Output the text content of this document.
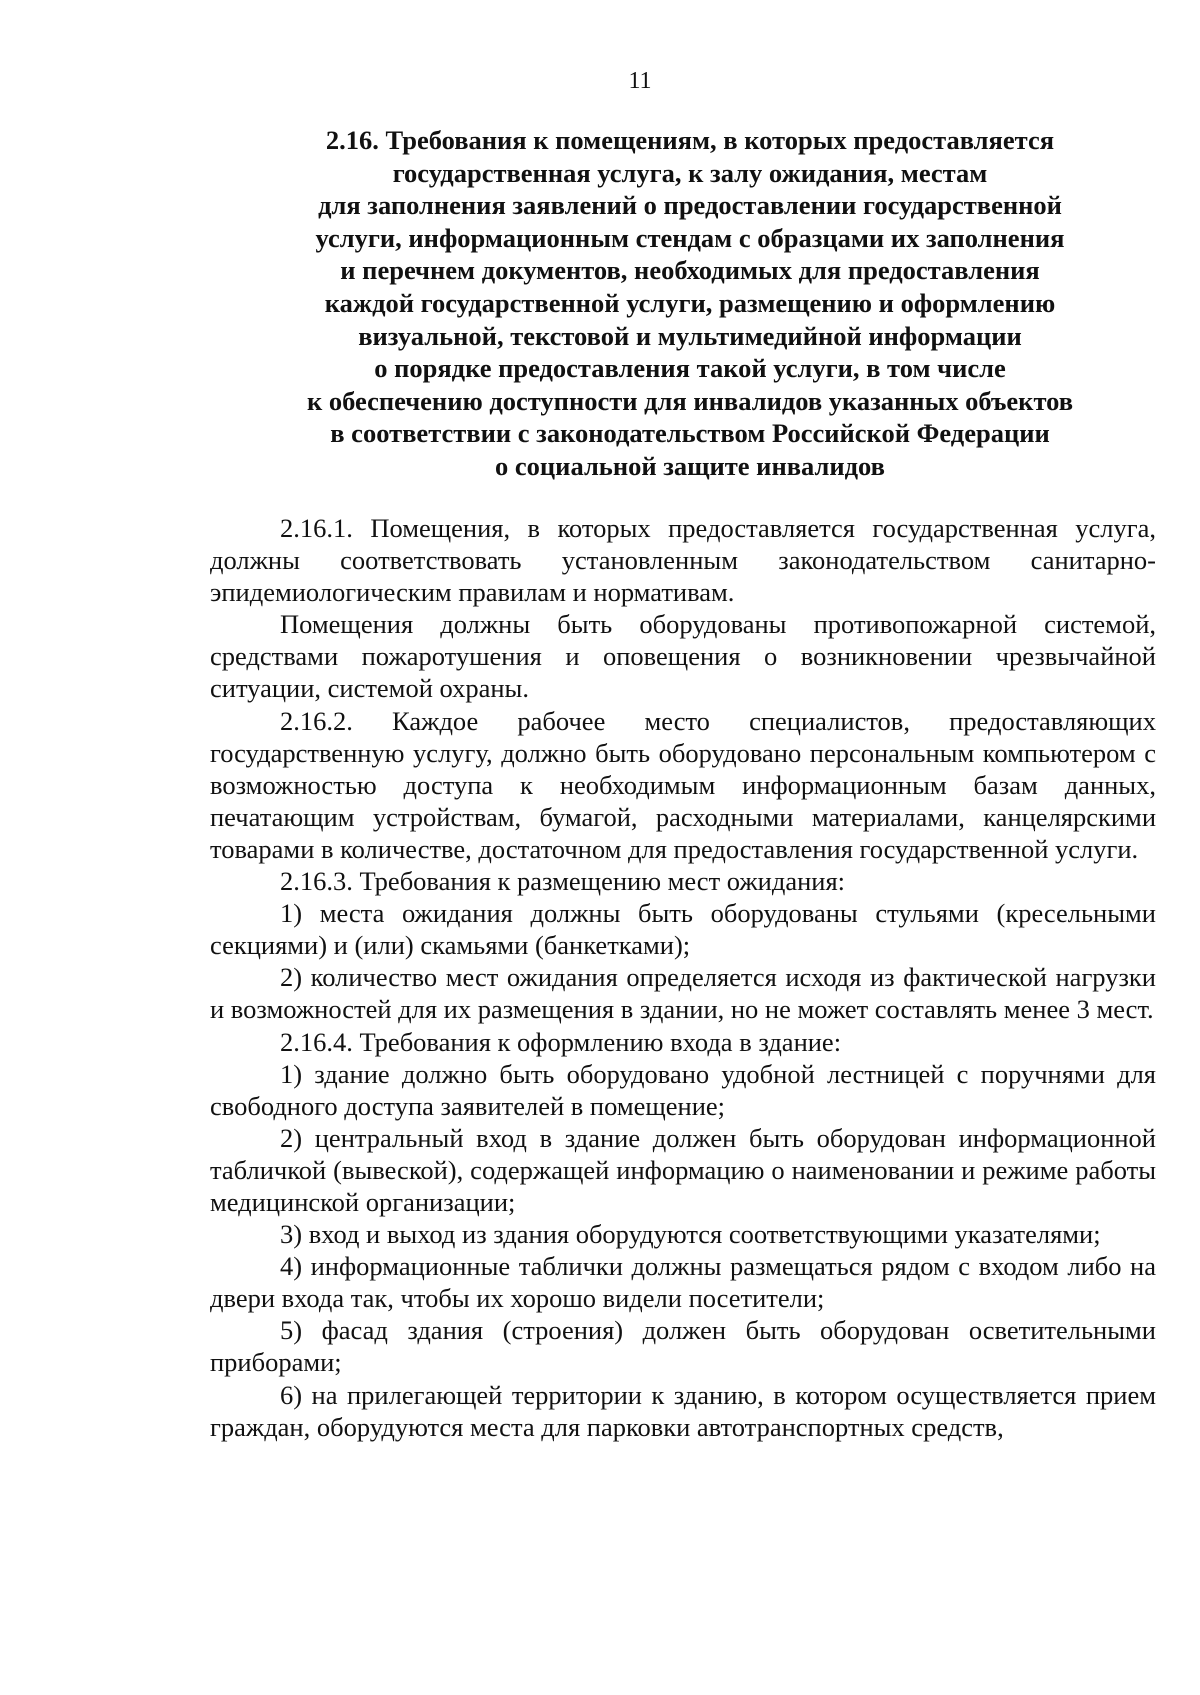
11
2.16. Требования к помещениям, в которых предоставляется
государственная услуга, к залу ожидания, местам
для заполнения заявлений о предоставлении государственной
услуги, информационным стендам с образцами их заполнения
и перечнем документов, необходимых для предоставления
каждой государственной услуги, размещению и оформлению
визуальной, текстовой и мультимедийной информации
о порядке предоставления такой услуги, в том числе
к обеспечению доступности для инвалидов указанных объектов
в соответствии с законодательством Российской Федерации
о социальной защите инвалидов

2.16.1. Помещения, в которых предоставляется государственная услуга, должны соответствовать установленным законодательством санитарно-эпидемиологическим правилам и нормативам.

Помещения должны быть оборудованы противопожарной системой, средствами пожаротушения и оповещения о возникновении чрезвычайной ситуации, системой охраны.

2.16.2. Каждое рабочее место специалистов, предоставляющих государственную услугу, должно быть оборудовано персональным компьютером с возможностью доступа к необходимым информационным базам данных, печатающим устройствам, бумагой, расходными материалами, канцелярскими товарами в количестве, достаточном для предоставления государственной услуги.

2.16.3. Требования к размещению мест ожидания:

1) места ожидания должны быть оборудованы стульями (кресельными секциями) и (или) скамьями (банкетками);

2) количество мест ожидания определяется исходя из фактической нагрузки и возможностей для их размещения в здании, но не может составлять менее 3 мест.

2.16.4. Требования к оформлению входа в здание:

1) здание должно быть оборудовано удобной лестницей с поручнями для свободного доступа заявителей в помещение;

2) центральный вход в здание должен быть оборудован информационной табличкой (вывеской), содержащей информацию о наименовании и режиме работы медицинской организации;

3) вход и выход из здания оборудуются соответствующими указателями;

4) информационные таблички должны размещаться рядом с входом либо на двери входа так, чтобы их хорошо видели посетители;

5) фасад здания (строения) должен быть оборудован осветительными приборами;

6) на прилегающей территории к зданию, в котором осуществляется прием граждан, оборудуются места для парковки автотранспортных средств,
